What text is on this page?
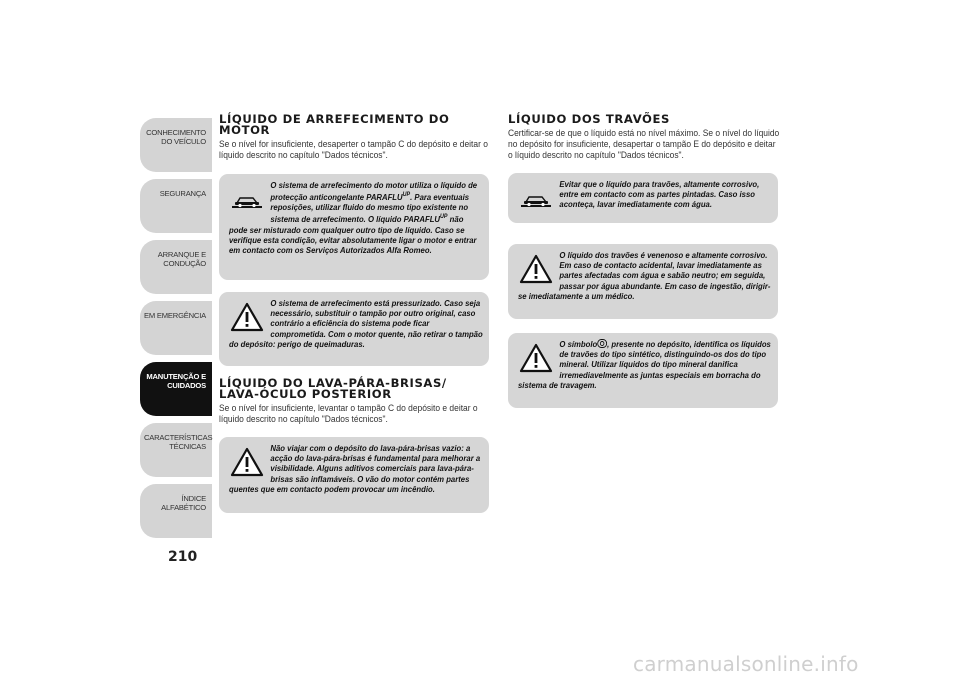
CONHECIMENTO DO VEÍCULO
SEGURANÇA
ARRANQUE E CONDUÇÃO
EM EMERGÊNCIA
MANUTENÇÃO E CUIDADOS
CARACTERÍSTICAS TÉCNICAS
ÍNDICE ALFABÉTICO
210
LÍQUIDO DE ARREFECIMENTO DO MOTOR

Se o nível for insuficiente, desaperter o tampão C do depósito e deitar o líquido descrito no capítulo "Dados técnicos".

O sistema de arrefecimento do motor utiliza o líquido de protecção anticongelante $PARAFLU^{UP}$. Para eventuais reposições, utilizar fluido do mesmo tipo existente no sistema de arrefecimento. O líquido $PARAFLU^{UP}$ não pode ser misturado com qualquer outro tipo de líquido. Caso se verifique esta condição, evitar absolutamente ligar o motor e entrar em contacto com os Serviços Autorizados Alfa Romeo.
O sistema de arrefecimento está pressurizado. Caso seja necessário, substituir o tampão por outro original, caso contrário a eficiência do sistema pode ficar comprometida. Com o motor quente, não retirar o tampão do depósito: perigo de queimaduras.
LÍQUIDO DO LAVA-PÁRA-BRISAS/ LAVA-ÓCULO POSTERIOR

Se o nível for insuficiente, levantar o tampão C do depósito e deitar o líquido descrito no capítulo "Dados técnicos".

Não viajar com o depósito do lava-pára-brisas vazio: a acção do lava-pára-brisas é fundamental para melhorar a visibilidade. Alguns aditivos comerciais para lava-pára-brisas são inflamáveis. O vão do motor contém partes quentes que em contacto podem provocar um incêndio.
LÍQUIDO DOS TRAVÕES

Certificar-se de que o líquido está no nível máximo. Se o nível do líquido no depósito for insuficiente, desapertar o tampão E do depósito e deitar o líquido descrito no capítulo "Dados técnicos".

Evitar que o líquido para travões, altamente corrosivo, entre em contacto com as partes pintadas. Caso isso aconteça, lavar imediatamente com água.
O líquido dos travões é venenoso e altamente corrosivo. Em caso de contacto acidental, lavar imediatamente as partes afectadas com água e sabão neutro; em seguida, passar por água abundante. Em caso de ingestão, dirigir-se imediatamente a um médico.
O símbolo , presente no depósito, identifica os líquidos de travões do tipo sintético, distinguindo-os dos do tipo mineral. Utilizar líquidos do tipo mineral danifica irremediavelmente as juntas especiais em borracha do sistema de travagem.
carmanualsonline.info
